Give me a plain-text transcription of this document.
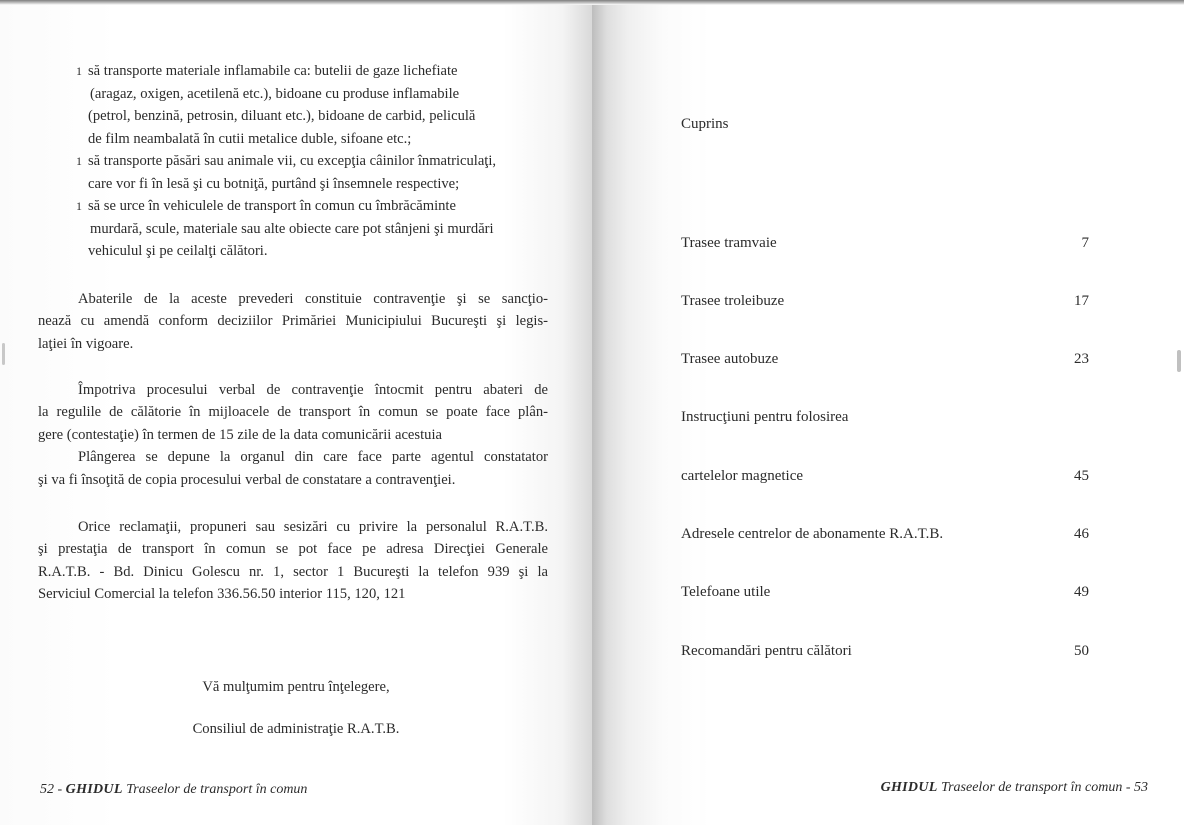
1 să transporte materiale inflamabile ca: butelii de gaze lichefiate
(aragaz, oxigen, acetilenă etc.), bidoane cu produse inflamabile
(petrol, benzină, petrosin, diluant etc.), bidoane de carbid, peliculă
de film neambalată în cutii metalice duble, sifoane etc.;
1 să transporte păsări sau animale vii, cu excepţia câinilor înmatriculaţi,
care vor fi în lesă şi cu botniţă, purtând şi însemnele respective;
1 să se urce în vehiculele de transport în comun cu îmbrăcăminte
murdară, scule, materiale sau alte obiecte care pot stânjeni şi murdări
vehiculul şi pe ceilalţi călători.
Abaterile de la aceste prevederi constituie contravenţie şi se sancţio-
nează cu amendă conform deciziilor Primăriei Municipiului Bucureşti şi legis-
laţiei în vigoare.
Împotriva procesului verbal de contravenţie întocmit pentru abateri de
la regulile de călătorie în mijloacele de transport în comun se poate face plân-
gere (contestaţie) în termen de 15 zile de la data comunicării acestuia
Plângerea se depune la organul din care face parte agentul constatator
şi va fi însoţită de copia procesului verbal de constatare a contravenţiei.
Orice reclamaţii, propuneri sau sesizări cu privire la personalul R.A.T.B.
şi prestaţia de transport în comun se pot face pe adresa Direcţiei Generale
R.A.T.B. - Bd. Dinicu Golescu nr. 1, sector 1 Bucureşti la telefon 939 şi la
Serviciul Comercial la telefon 336.56.50 interior 115, 120, 121
Vă mulţumim pentru înţelegere,
Consiliul de administraţie R.A.T.B.
52 - GHIDUL Traseelor de transport în comun
Cuprins
Trasee tramvaie	7
Trasee troleibuze	17
Trasee autobuze	23
Instrucţiuni pentru folosirea
cartelelor magnetice	45
Adresele centrelor de abonamente R.A.T.B.	46
Telefoane utile	49
Recomandări pentru călători	50
GHIDUL Traseelor de transport în comun - 53
